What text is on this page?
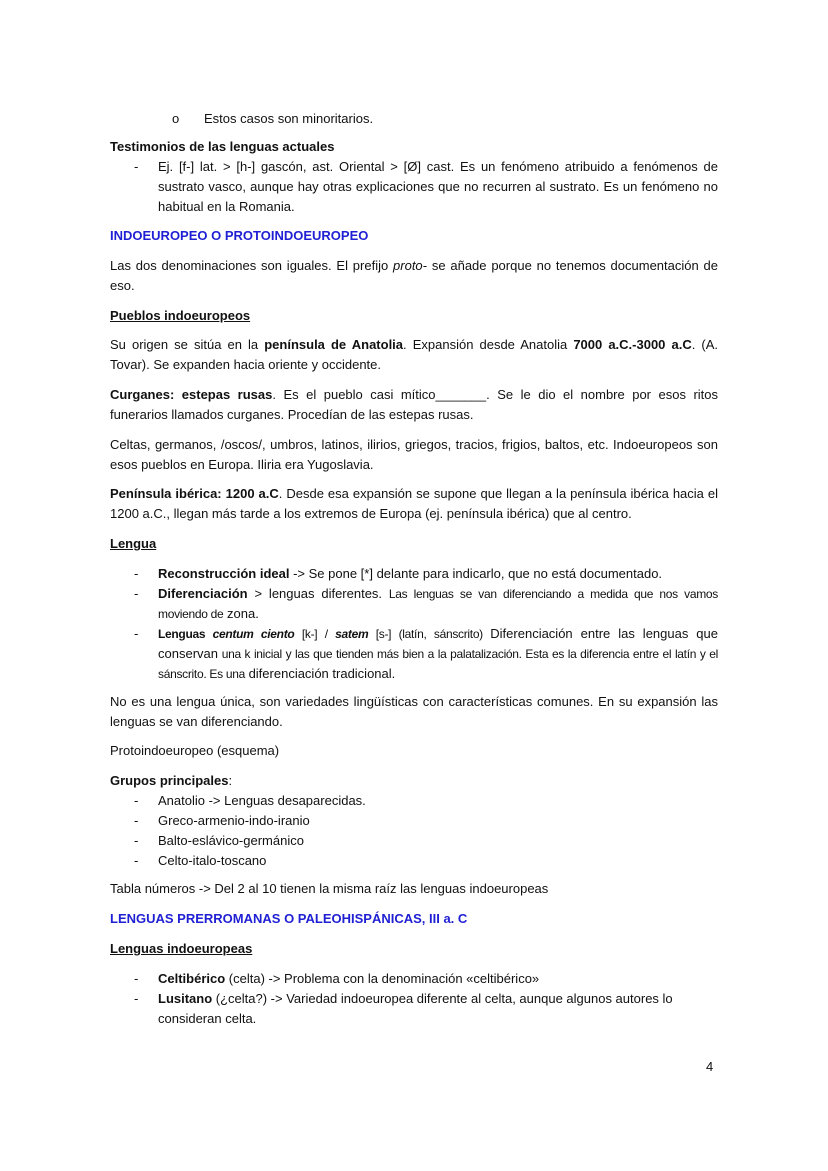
o Estos casos son minoritarios.

Testimonios de las lenguas actuales

- Ej. [f-] lat. > [h-] gascón, ast. Oriental > [Ø] cast. Es un fenómeno atribuido a fenómenos de sustrato vasco, aunque hay otras explicaciones que no recurren al sustrato. Es un fenómeno no habitual en la Romania.

INDOEUROPEO O PROTOINDOEUROPEO

Las dos denominaciones son iguales. El prefijo proto- se añade porque no tenemos documentación de eso.

Pueblos indoeuropeos

Su origen se sitúa en la península de Anatolia. Expansión desde Anatolia 7000 a.C.-3000 a.C. (A. Tovar). Se expanden hacia oriente y occidente.

Curganes: estepas rusas. Es el pueblo casi mítico_______. Se le dio el nombre por esos ritos funerarios llamados curganes. Procedían de las estepas rusas.

Celtas, germanos, /oscos/, umbros, latinos, ilirios, griegos, tracios, frigios, baltos, etc. Indoeuropeos son esos pueblos en Europa. Iliria era Yugoslavia.

Península ibérica: 1200 a.C. Desde esa expansión se supone que llegan a la península ibérica hacia el 1200 a.C., llegan más tarde a los extremos de Europa (ej. península ibérica) que al centro.

Lengua

- Reconstrucción ideal -> Se pone [*] delante para indicarlo, que no está documentado.
- Diferenciación > lenguas diferentes. Las lenguas se van diferenciando a medida que nos vamos moviendo de zona.
- Lenguas centum ciento [k-] / satem [s-] (latín, sánscrito) Diferenciación entre las lenguas que conservan una k inicial y las que tienden más bien a la palatalización. Esta es la diferencia entre el latín y el sánscrito. Es una diferenciación tradicional.

No es una lengua única, son variedades lingüísticas con características comunes. En su expansión las lenguas se van diferenciando.

Protoindoeuropeo (esquema)

Grupos principales:

- Anatolio -> Lenguas desaparecidas.
- Greco-armenio-indo-iranio
- Balto-eslávico-germánico
- Celto-italo-toscano

Tabla números -> Del 2 al 10 tienen la misma raíz las lenguas indoeuropeas

LENGUAS PRERROMANAS O PALEOHISPÁNICAS, III a. C

Lenguas indoeuropeas

- Celtibérico (celta) -> Problema con la denominación «celtibérico»
- Lusitano (¿celta?) -> Variedad indoeuropea diferente al celta, aunque algunos autores lo consideran celta.
4
